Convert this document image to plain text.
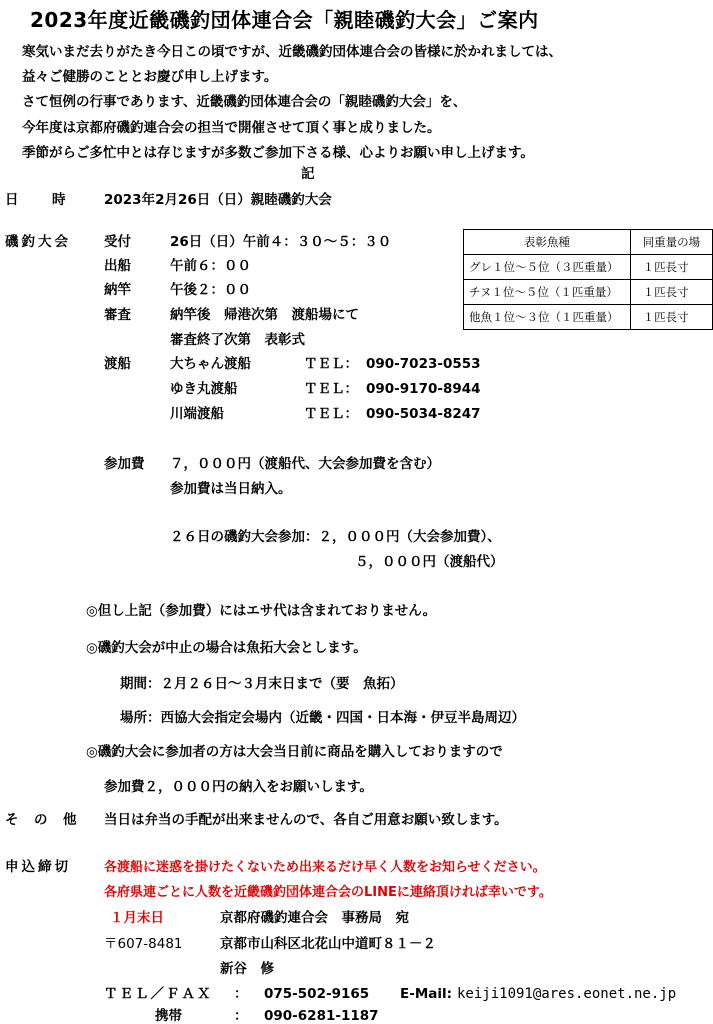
2023年度近畿磯釣団体連合会「親睦磯釣大会」ご案内
寒気いまだ去りがたき今日この頃ですが、近畿磯釣団体連合会の皆様に於かれましては、
益々ご健勝のこととお慶び申し上げます。
さて恒例の行事であります、近畿磯釣団体連合会の「親睦磯釣大会」を、
今年度は京都府磯釣連合会の担当で開催させて頂く事と成りました。
季節がらご多忙中とは存じますが多数ご参加下さる様、心よりお願い申し上げます。
記
日　時 2023年2月26日（日）親睦磯釣大会
磯釣大会 受付	26日（日）午前４：３０～５：３０
出船	午前６：００
納竿	午後２：００
審査	納竿後　帰港次第　渡船場にて
審査終了次第　表彰式
渡船	大ちゃん渡船	ＴＥＬ： 090-7023-0553
ゆき丸渡船	ＴＥＬ： 090-9170-8944
川端渡船	ＴＥＬ： 090-5034-8247
表彰魚種	同重量の場
グレ１位～５位（３匹重量）	１匹長寸
チヌ１位～５位（１匹重量）	１匹長寸
他魚１位～３位（１匹重量）	１匹長寸
参加費 ７，０００円（渡船代、大会参加費を含む）
参加費は当日納入。
２６日の磯釣大会参加：２，０００円（大会参加費）、
５，０００円（渡船代）
◎但し上記（参加費）にはエサ代は含まれておりません。
◎磯釣大会が中止の場合は魚拓大会とします。
期間：２月２６日～３月末日まで（要　魚拓）
場所：西協大会指定会場内（近畿・四国・日本海・伊豆半島周辺）
◎磯釣大会に参加者の方は大会当日前に商品を購入しておりますので
参加費２，０００円の納入をお願いします。
そ　の　他 当日は弁当の手配が出来ませんので、各自ご用意お願い致します。
申込締切	各渡船に迷惑を掛けたくないため出来るだけ早く人数をお知らせください。
各府県連ごとに人数を近畿磯釣団体連合会のLINEに連絡頂ければ幸いです。
１月末日	京都府磯釣連合会　事務局　宛
〒607-8481	京都市山科区北花山中道町８１－２
新谷　修
ＴＥＬ／ＦＡＸ ： 075-502-9165 E-Mail: keiji1091@ares.eonet.ne.jp
携帯	： 090-6281-1187
